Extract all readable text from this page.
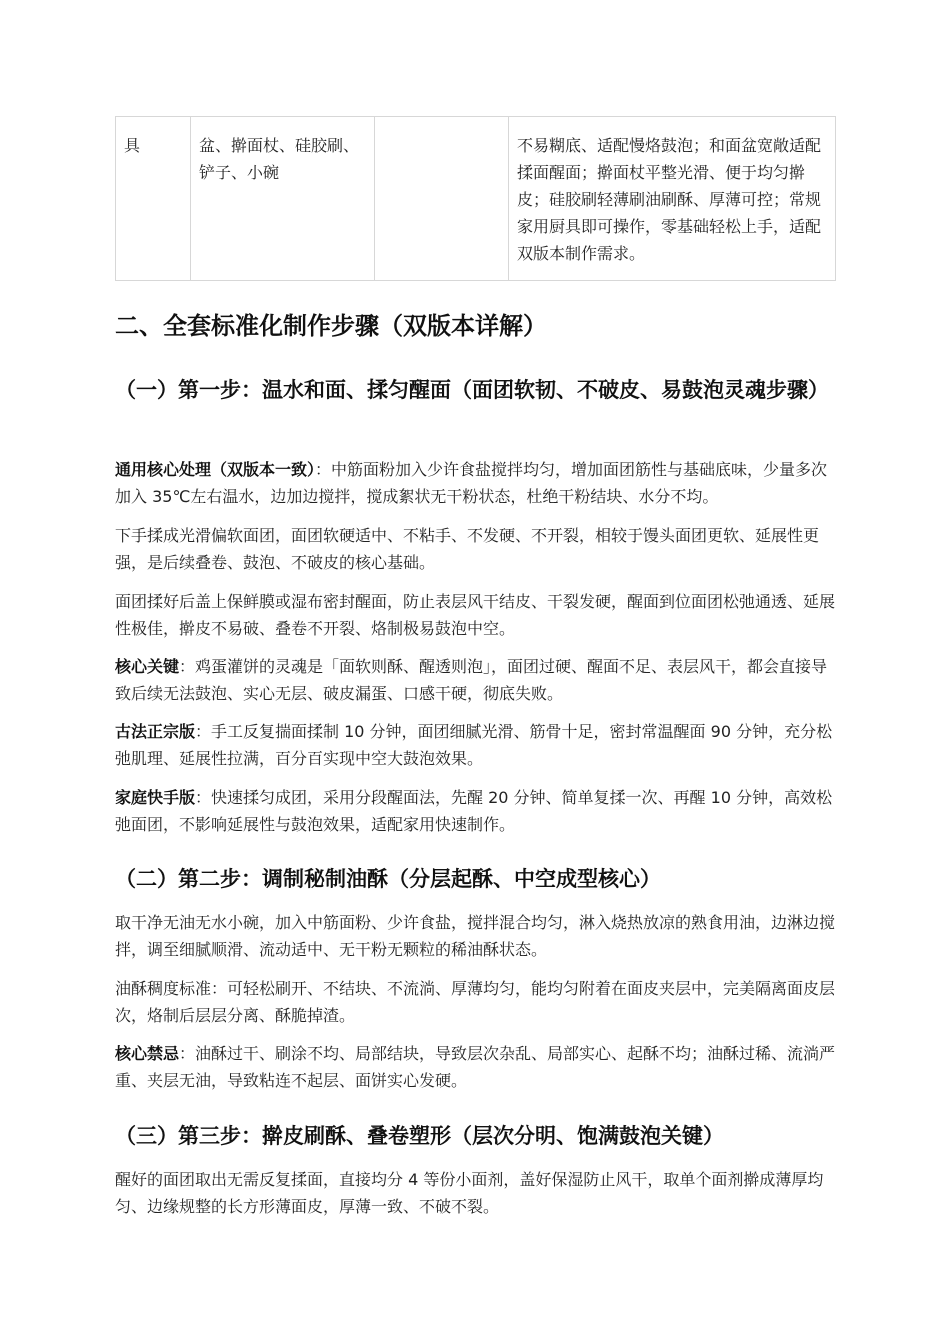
具	盆、擀面杖、硅胶刷、铲子、小碗		不易糊底、适配慢烙鼓泡；和面盆宽敞适配揉面醒面；擀面杖平整光滑、便于均匀擀皮；硅胶刷轻薄刷油刷酥、厚薄可控；常规家用厨具即可操作，零基础轻松上手，适配双版本制作需求。
二、全套标准化制作步骤（双版本详解）
（一）第一步：温水和面、揉匀醒面（面团软韧、不破皮、易鼓泡灵魂步骤）

通用核心处理（双版本一致）：中筋面粉加入少许食盐搅拌均匀，增加面团筋性与基础底味，少量多次加入 35℃左右温水，边加边搅拌，搅成絮状无干粉状态，杜绝干粉结块、水分不均。

下手揉成光滑偏软面团，面团软硬适中、不粘手、不发硬、不开裂，相较于馒头面团更软、延展性更强，是后续叠卷、鼓泡、不破皮的核心基础。

面团揉好后盖上保鲜膜或湿布密封醒面，防止表层风干结皮、干裂发硬，醒面到位面团松弛通透、延展性极佳，擀皮不易破、叠卷不开裂、烙制极易鼓泡中空。

核心关键：鸡蛋灌饼的灵魂是「面软则酥、醒透则泡」，面团过硬、醒面不足、表层风干，都会直接导致后续无法鼓泡、实心无层、破皮漏蛋、口感干硬，彻底失败。

古法正宗版：手工反复揣面揉制 10 分钟，面团细腻光滑、筋骨十足，密封常温醒面 90 分钟，充分松弛肌理、延展性拉满，百分百实现中空大鼓泡效果。

家庭快手版：快速揉匀成团，采用分段醒面法，先醒 20 分钟、简单复揉一次、再醒 10 分钟，高效松弛面团，不影响延展性与鼓泡效果，适配家用快速制作。

（二）第二步：调制秘制油酥（分层起酥、中空成型核心）

取干净无油无水小碗，加入中筋面粉、少许食盐，搅拌混合均匀，淋入烧热放凉的熟食用油，边淋边搅拌，调至细腻顺滑、流动适中、无干粉无颗粒的稀油酥状态。

油酥稠度标准：可轻松刷开、不结块、不流淌、厚薄均匀，能均匀附着在面皮夹层中，完美隔离面皮层次，烙制后层层分离、酥脆掉渣。

核心禁忌：油酥过干、刷涂不均、局部结块，导致层次杂乱、局部实心、起酥不均；油酥过稀、流淌严重、夹层无油，导致粘连不起层、面饼实心发硬。

（三）第三步：擀皮刷酥、叠卷塑形（层次分明、饱满鼓泡关键）

醒好的面团取出无需反复揉面，直接均分 4 等份小面剂，盖好保湿防止风干，取单个面剂擀成薄厚均匀、边缘规整的长方形薄面皮，厚薄一致、不破不裂。
